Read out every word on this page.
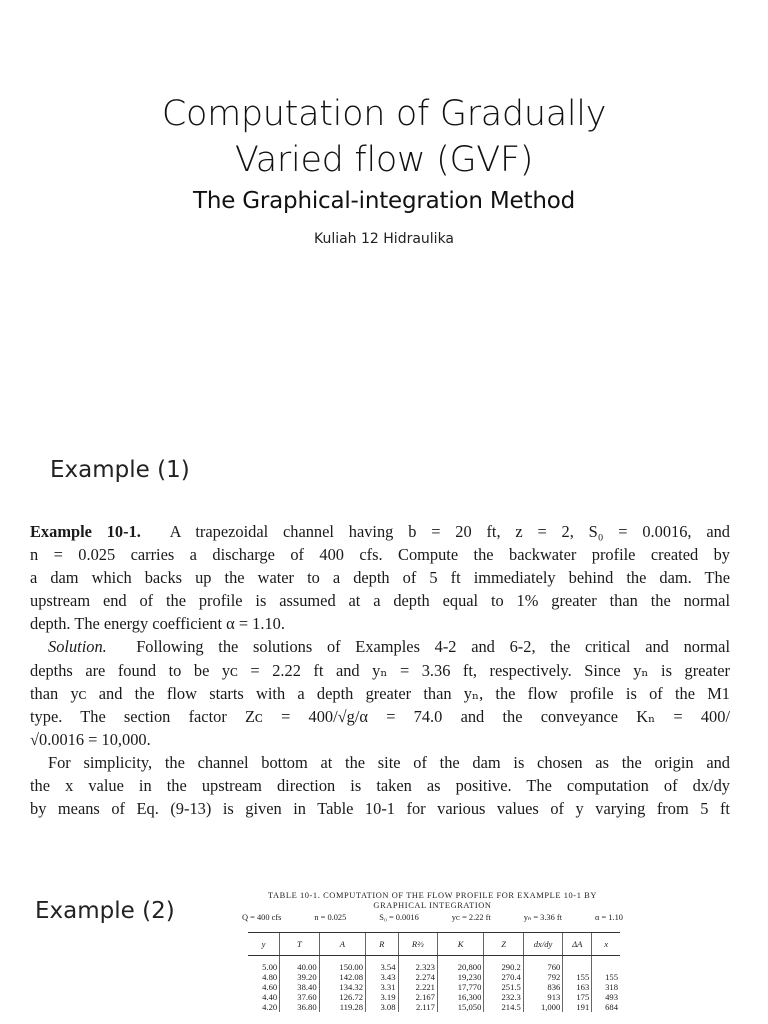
Computation of Gradually
Varied flow (GVF)
The Graphical-integration Method
Kuliah 12 Hidraulika
Example (1)
Example 10-1. A trapezoidal channel having b = 20 ft, z = 2, S₀ = 0.0016, and
n = 0.025 carries a discharge of 400 cfs. Compute the backwater profile created by
a dam which backs up the water to a depth of 5 ft immediately behind the dam. The
upstream end of the profile is assumed at a depth equal to 1% greater than the normal
depth. The energy coefficient α = 1.10.
Solution. Following the solutions of Examples 4-2 and 6-2, the critical and normal
depths are found to be yᴄ = 2.22 ft and yₙ = 3.36 ft, respectively. Since yₙ is greater
than yᴄ and the flow starts with a depth greater than yₙ, the flow profile is of the M1
type. The section factor Zᴄ = 400/√g/α = 74.0 and the conveyance Kₙ = 400/
√0.0016 = 10,000.
For simplicity, the channel bottom at the site of the dam is chosen as the origin and
the x value in the upstream direction is taken as positive. The computation of dx/dy
by means of Eq. (9-13) is given in Table 10-1 for various values of y varying from 5 ft
Example (2)
TABLE 10-1. COMPUTATION OF THE FLOW PROFILE FOR EXAMPLE 10-1 BY
GRAPHICAL INTEGRATION
Q = 400 cfs	n = 0.025	S₀ = 0.0016	yᴄ = 2.22 ft	yₙ = 3.36 ft	α = 1.10
y	T	A	R	R⅔	K	Z	dx/dy	ΔA	x

5.00	40.00	150.00	3.54	2.323	20,800	290.2	760		
4.80	39.20	142.08	3.43	2.274	19,230	270.4	792	155	155
4.60	38.40	134.32	3.31	2.221	17,770	251.5	836	163	318
4.40	37.60	126.72	3.19	2.167	16,300	232.3	913	175	493
4.20	36.80	119.28	3.08	2.117	15,050	214.5	1,000	191	684
